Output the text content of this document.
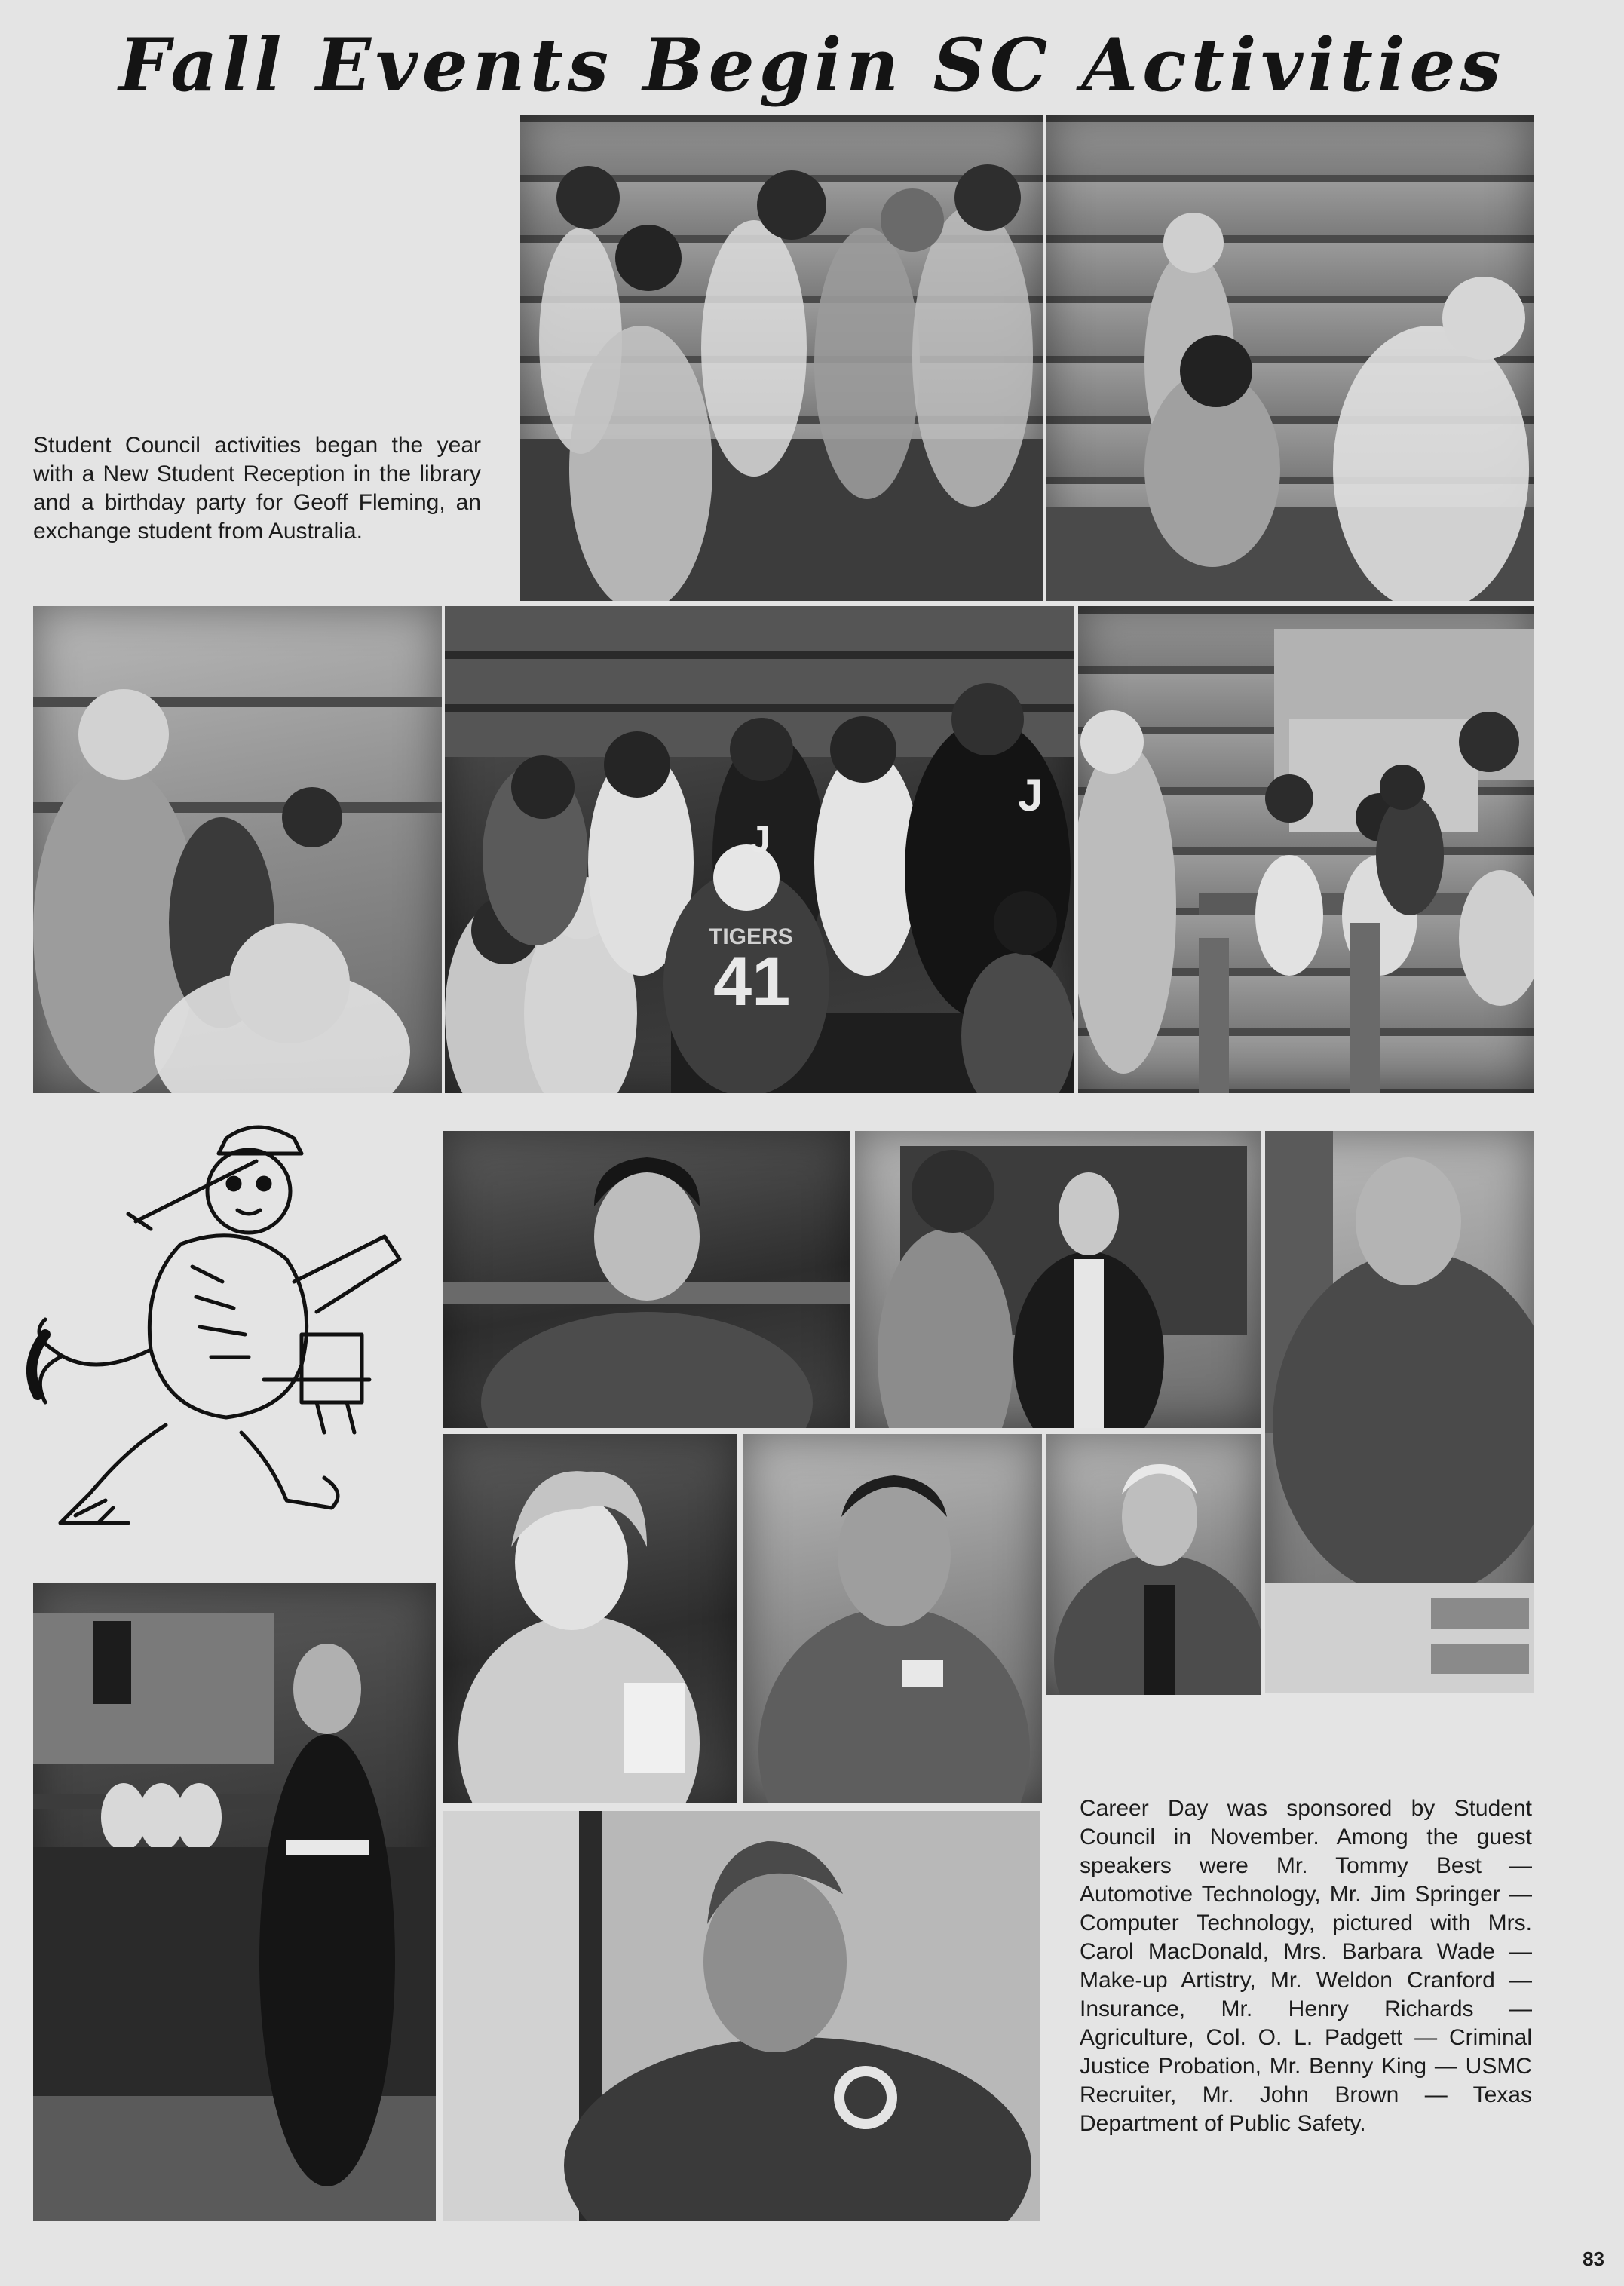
Fall Events Begin SC Activities
Student Council activities began the year with a New Student Reception in the library and a birthday party for Geoff Fleming, an exchange student from Australia.
J
J
TIGERS
41
Career Day was sponsored by Student Council in November. Among the guest speakers were Mr. Tommy Best — Automotive Technology, Mr. Jim Springer — Computer Technology, pictured with Mrs. Carol MacDonald, Mrs. Barbara Wade — Make-up Artistry, Mr. Weldon Cranford — Insurance, Mr. Henry Richards — Agriculture, Col. O. L. Padgett — Criminal Justice Probation, Mr. Benny King — USMC Recruiter, Mr. John Brown — Texas Department of Public Safety.
83
